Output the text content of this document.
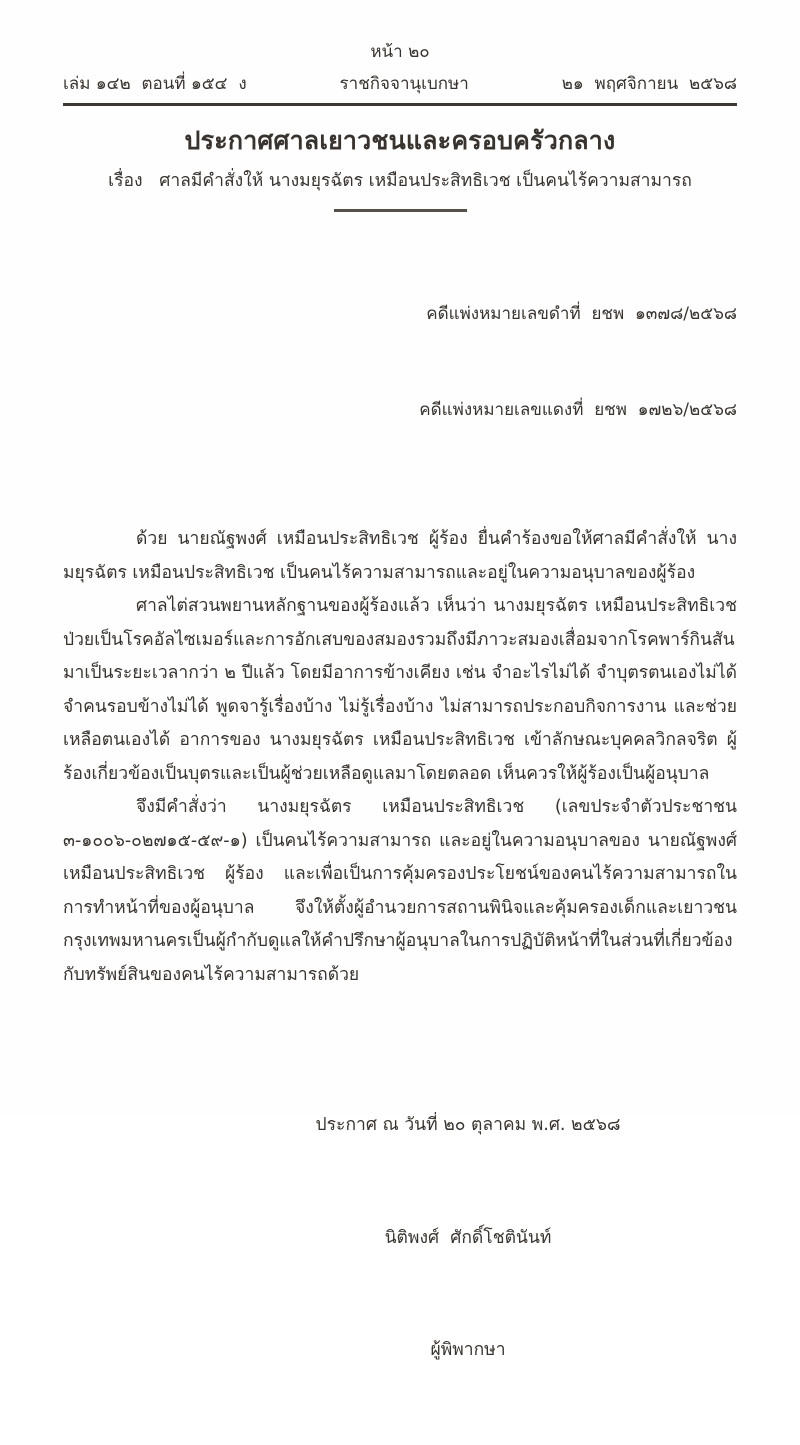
หน้า ๒๐
เล่ม ๑๔๒  ตอนที่ ๑๕๔  ง	ราชกิจจานุเบกษา	๒๑  พฤศจิกายน  ๒๕๖๘
ประกาศศาลเยาวชนและครอบครัวกลาง
เรื่อง   ศาลมีคำสั่งให้ นางมยุรฉัตร เหมือนประสิทธิเวช เป็นคนไร้ความสามารถ

คดีแพ่งหมายเลขดำที่  ยชพ  ๑๓๗๘/๒๕๖๘

คดีแพ่งหมายเลขแดงที่  ยชพ  ๑๗๒๖/๒๕๖๘

ด้วย นายณัฐพงศ์ เหมือนประสิทธิเวช ผู้ร้อง ยื่นคำร้องขอให้ศาลมีคำสั่งให้ นางมยุรฉัตร เหมือนประสิทธิเวช เป็นคนไร้ความสามารถและอยู่ในความอนุบาลของผู้ร้อง

ศาลไต่สวนพยานหลักฐานของผู้ร้องแล้ว เห็นว่า นางมยุรฉัตร เหมือนประสิทธิเวช ป่วยเป็นโรคอัลไซเมอร์และการอักเสบของสมองรวมถึงมีภาวะสมองเสื่อมจากโรคพาร์กินสัน มาเป็นระยะเวลากว่า ๒ ปีแล้ว โดยมีอาการข้างเคียง เช่น จำอะไรไม่ได้ จำบุตรตนเองไม่ได้ จำคนรอบข้างไม่ได้ พูดจารู้เรื่องบ้าง ไม่รู้เรื่องบ้าง ไม่สามารถประกอบกิจการงาน และช่วยเหลือตนเองได้ อาการของ นางมยุรฉัตร เหมือนประสิทธิเวช เข้าลักษณะบุคคลวิกลจริต ผู้ร้องเกี่ยวข้องเป็นบุตรและเป็นผู้ช่วยเหลือดูแลมาโดยตลอด เห็นควรให้ผู้ร้องเป็นผู้อนุบาล

จึงมีคำสั่งว่า นางมยุรฉัตร เหมือนประสิทธิเวช (เลขประจำตัวประชาชน ๓-๑๐๐๖-๐๒๗๑๕-๕๙-๑) เป็นคนไร้ความสามารถ และอยู่ในความอนุบาลของ นายณัฐพงศ์ เหมือนประสิทธิเวช ผู้ร้อง และเพื่อเป็นการคุ้มครองประโยชน์ของคนไร้ความสามารถในการทำหน้าที่ของผู้อนุบาล จึงให้ตั้งผู้อำนวยการสถานพินิจและคุ้มครองเด็กและเยาวชนกรุงเทพมหานครเป็นผู้กำกับดูแลให้คำปรึกษาผู้อนุบาลในการปฏิบัติหน้าที่ในส่วนที่เกี่ยวข้องกับทรัพย์สินของคนไร้ความสามารถด้วย

ประกาศ ณ วันที่ ๒๐ ตุลาคม พ.ศ. ๒๕๖๘

นิติพงศ์  ศักดิ์โชตินันท์

ผู้พิพากษา
